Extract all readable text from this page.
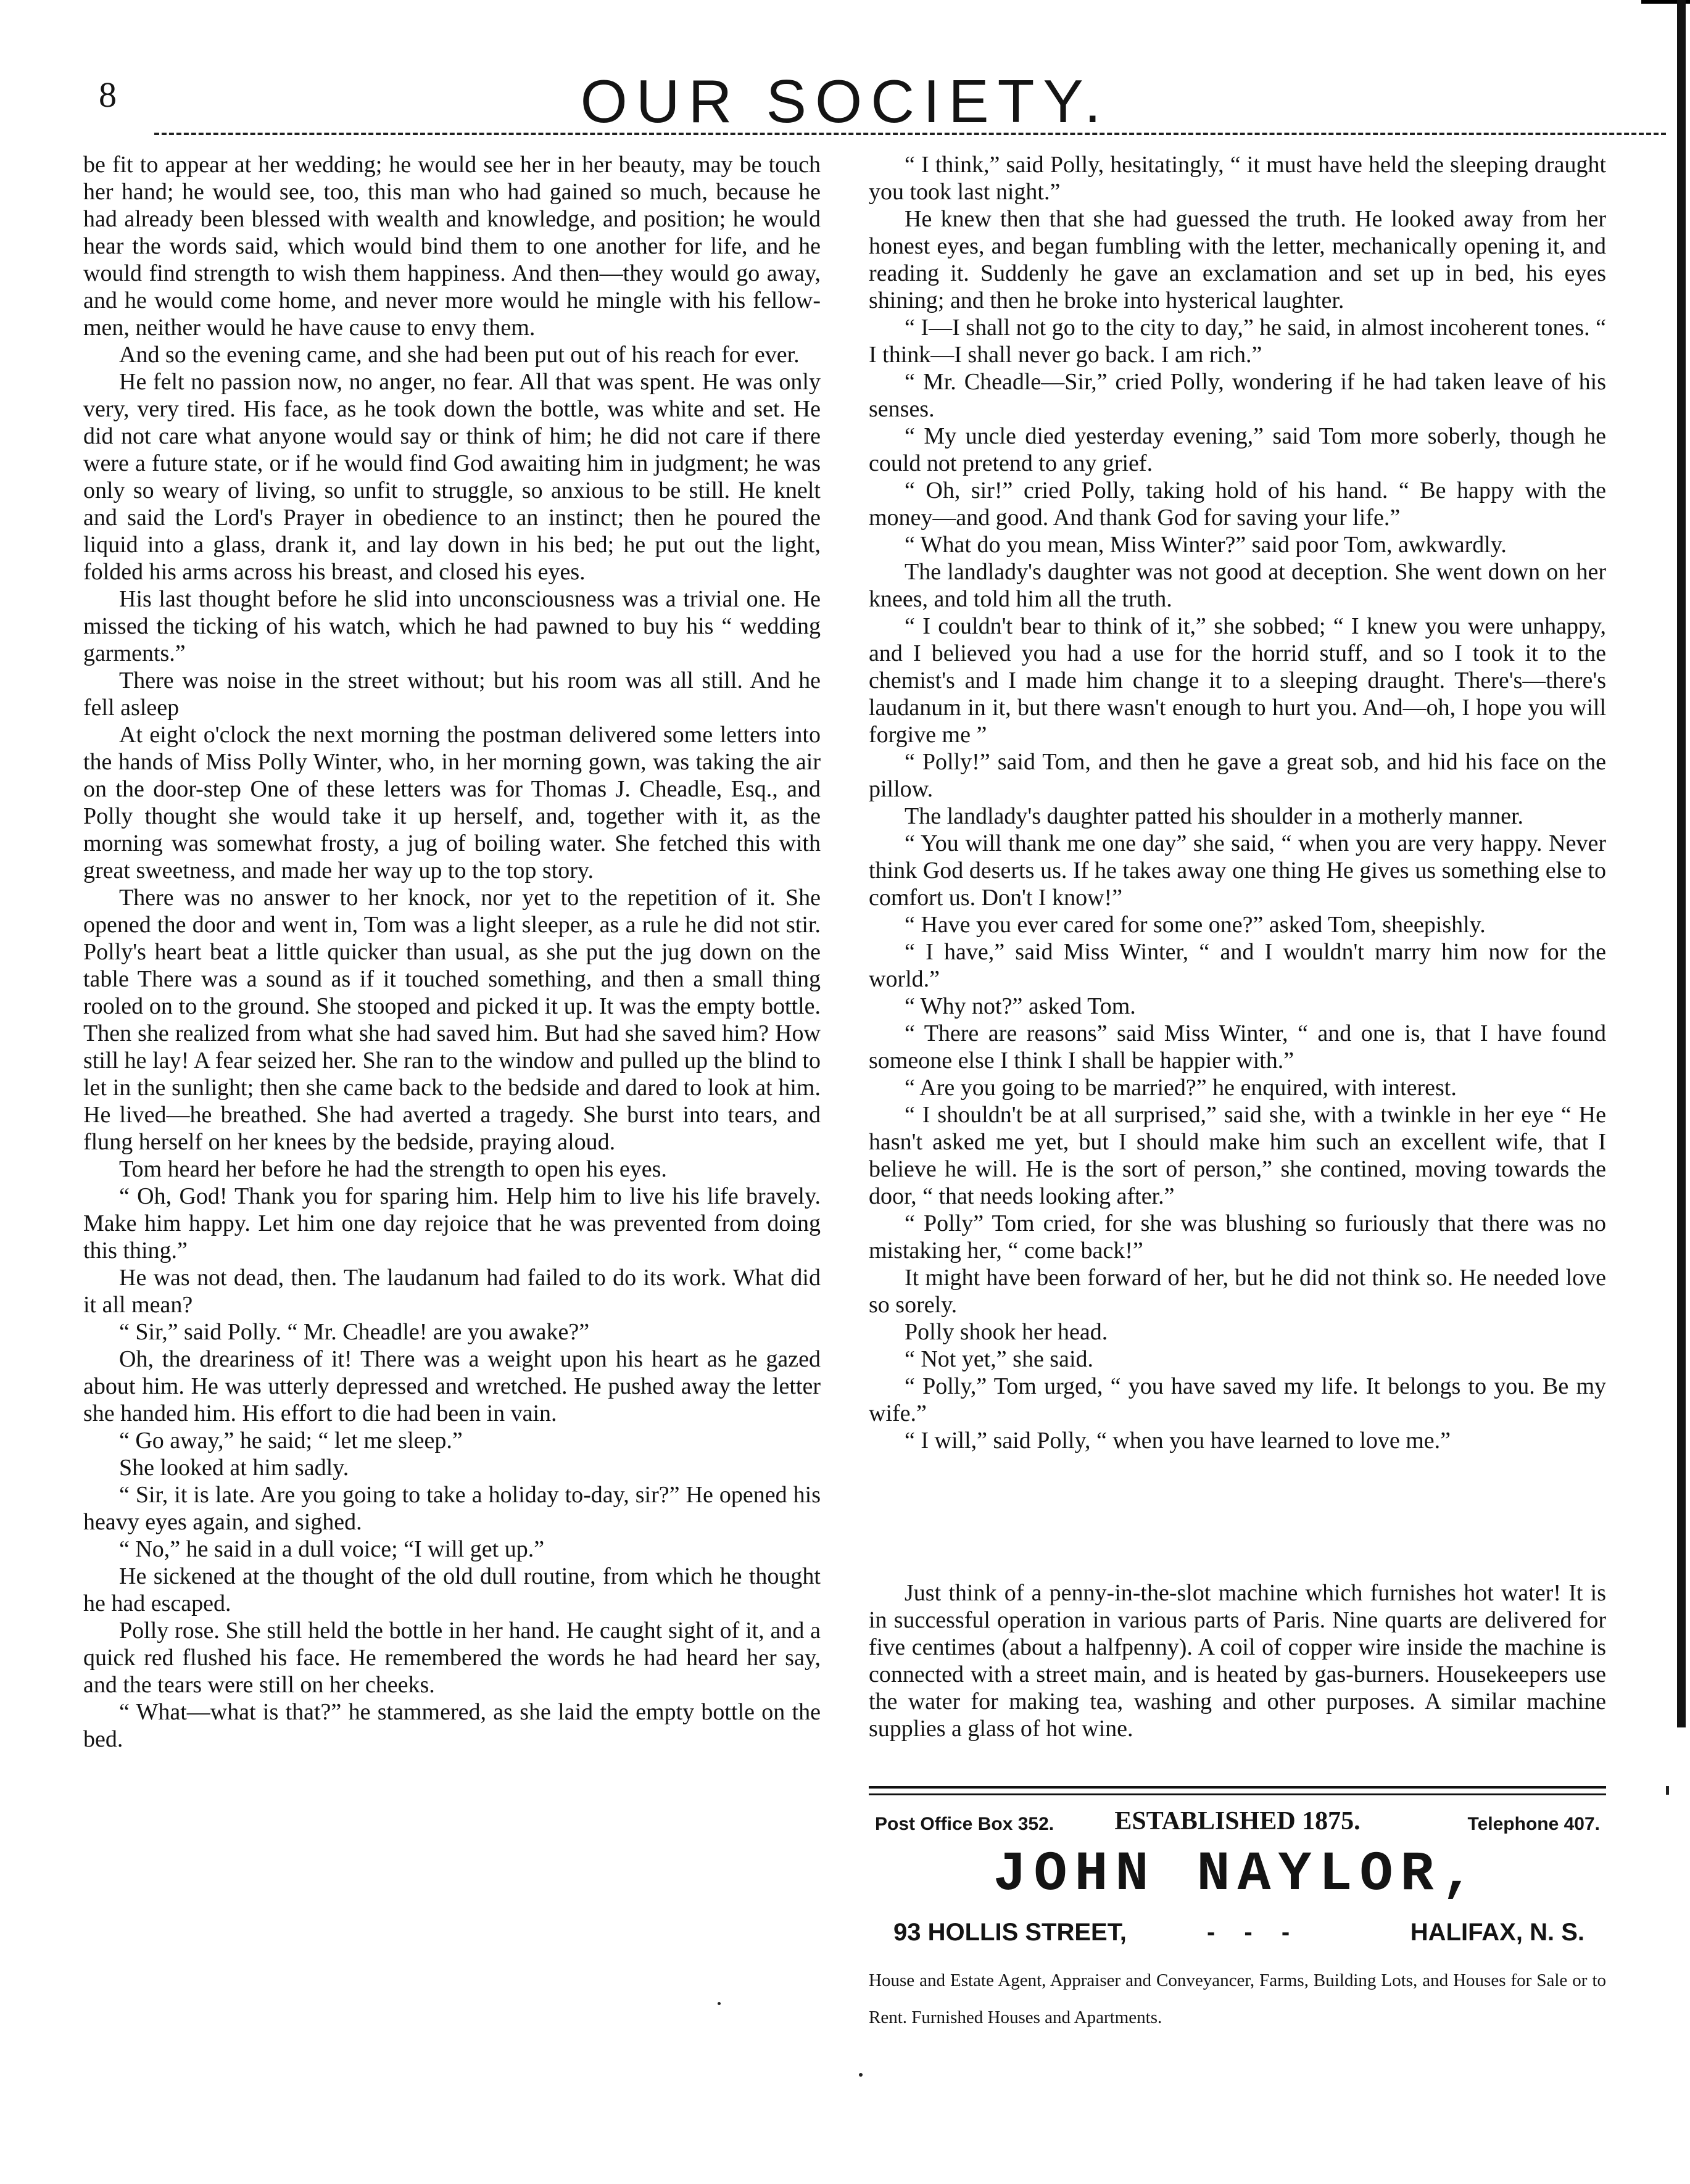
8	OUR SOCIETY.

be fit to appear at her wedding; he would see her in her beauty, may be touch her hand; he would see, too, this man who had gained so much, because he had already been blessed with wealth and knowledge, and position; he would hear the words said, which would bind them to one another for life, and he would find strength to wish them happiness. And then—they would go away, and he would come home, and never more would he mingle with his fellow-men, neither would he have cause to envy them.

And so the evening came, and she had been put out of his reach for ever.

He felt no passion now, no anger, no fear. All that was spent. He was only very, very tired. His face, as he took down the bottle, was white and set. He did not care what anyone would say or think of him; he did not care if there were a future state, or if he would find God awaiting him in judgment; he was only so weary of living, so unfit to struggle, so anxious to be still. He knelt and said the Lord's Prayer in obedience to an instinct; then he poured the liquid into a glass, drank it, and lay down in his bed; he put out the light, folded his arms across his breast, and closed his eyes.

His last thought before he slid into unconsciousness was a trivial one. He missed the ticking of his watch, which he had pawned to buy his “ wedding garments.”

There was noise in the street without; but his room was all still. And he fell asleep

At eight o'clock the next morning the postman delivered some letters into the hands of Miss Polly Winter, who, in her morning gown, was taking the air on the door-step One of these letters was for Thomas J. Cheadle, Esq., and Polly thought she would take it up herself, and, together with it, as the morning was somewhat frosty, a jug of boiling water. She fetched this with great sweetness, and made her way up to the top story.

There was no answer to her knock, nor yet to the repetition of it. She opened the door and went in, Tom was a light sleeper, as a rule he did not stir. Polly's heart beat a little quicker than usual, as she put the jug down on the table There was a sound as if it touched something, and then a small thing rooled on to the ground. She stooped and picked it up. It was the empty bottle. Then she realized from what she had saved him. But had she saved him? How still he lay! A fear seized her. She ran to the window and pulled up the blind to let in the sunlight; then she came back to the bedside and dared to look at him. He lived—he breathed. She had averted a tragedy. She burst into tears, and flung herself on her knees by the bedside, praying aloud.

Tom heard her before he had the strength to open his eyes.

“ Oh, God! Thank you for sparing him. Help him to live his life bravely. Make him happy. Let him one day rejoice that he was prevented from doing this thing.”

He was not dead, then. The laudanum had failed to do its work. What did it all mean?

“ Sir,” said Polly. “ Mr. Cheadle! are you awake?”

Oh, the dreariness of it! There was a weight upon his heart as he gazed about him. He was utterly depressed and wretched. He pushed away the letter she handed him. His effort to die had been in vain.

“ Go away,” he said; “ let me sleep.”

She looked at him sadly.

“ Sir, it is late. Are you going to take a holiday to-day, sir?” He opened his heavy eyes again, and sighed.

“ No,” he said in a dull voice; “I will get up.”

He sickened at the thought of the old dull routine, from which he thought he had escaped.

Polly rose. She still held the bottle in her hand. He caught sight of it, and a quick red flushed his face. He remembered the words he had heard her say, and the tears were still on her cheeks.

“ What—what is that?” he stammered, as she laid the empty bottle on the bed.

“ I think,” said Polly, hesitatingly, “ it must have held the sleeping draught you took last night.”

He knew then that she had guessed the truth. He looked away from her honest eyes, and began fumbling with the letter, mechanically opening it, and reading it. Suddenly he gave an exclamation and set up in bed, his eyes shining; and then he broke into hysterical laughter.

“ I—I shall not go to the city to day,” he said, in almost incoherent tones. “ I think—I shall never go back. I am rich.”

“ Mr. Cheadle—Sir,” cried Polly, wondering if he had taken leave of his senses.

“ My uncle died yesterday evening,” said Tom more soberly, though he could not pretend to any grief.

“ Oh, sir!” cried Polly, taking hold of his hand. “ Be happy with the money—and good. And thank God for saving your life.”

“ What do you mean, Miss Winter?” said poor Tom, awkwardly.

The landlady's daughter was not good at deception. She went down on her knees, and told him all the truth.

“ I couldn't bear to think of it,” she sobbed; “ I knew you were unhappy, and I believed you had a use for the horrid stuff, and so I took it to the chemist's and I made him change it to a sleeping draught. There's—there's laudanum in it, but there wasn't enough to hurt you. And—oh, I hope you will forgive me ”

“ Polly!” said Tom, and then he gave a great sob, and hid his face on the pillow.

The landlady's daughter patted his shoulder in a motherly manner.

“ You will thank me one day” she said, “ when you are very happy. Never think God deserts us. If he takes away one thing He gives us something else to comfort us. Don't I know!”

“ Have you ever cared for some one?” asked Tom, sheepishly.

“ I have,” said Miss Winter, “ and I wouldn't marry him now for the world.”

“ Why not?” asked Tom.

“ There are reasons” said Miss Winter, “ and one is, that I have found someone else I think I shall be happier with.”

“ Are you going to be married?” he enquired, with interest.

“ I shouldn't be at all surprised,” said she, with a twinkle in her eye “ He hasn't asked me yet, but I should make him such an excellent wife, that I believe he will. He is the sort of person,” she contined, moving towards the door, “ that needs looking after.”

“ Polly” Tom cried, for she was blushing so furiously that there was no mistaking her, “ come back!”

It might have been forward of her, but he did not think so. He needed love so sorely.

Polly shook her head.

“ Not yet,” she said.

“ Polly,” Tom urged, “ you have saved my life. It belongs to you. Be my wife.”

“ I will,” said Polly, “ when you have learned to love me.”

Just think of a penny-in-the-slot machine which furnishes hot water! It is in successful operation in various parts of Paris. Nine quarts are delivered for five centimes (about a halfpenny). A coil of copper wire inside the machine is connected with a street main, and is heated by gas-burners. Housekeepers use the water for making tea, washing and other purposes. A similar machine supplies a glass of hot wine.

Post Office Box 352.	ESTABLISHED 1875.	Telephone 407.
JOHN NAYLOR,
93 HOLLIS STREET,	- - -	HALIFAX, N. S.
House and Estate Agent, Appraiser and Conveyancer, Farms, Building Lots, and Houses for Sale or to Rent. Furnished Houses and Apartments.
